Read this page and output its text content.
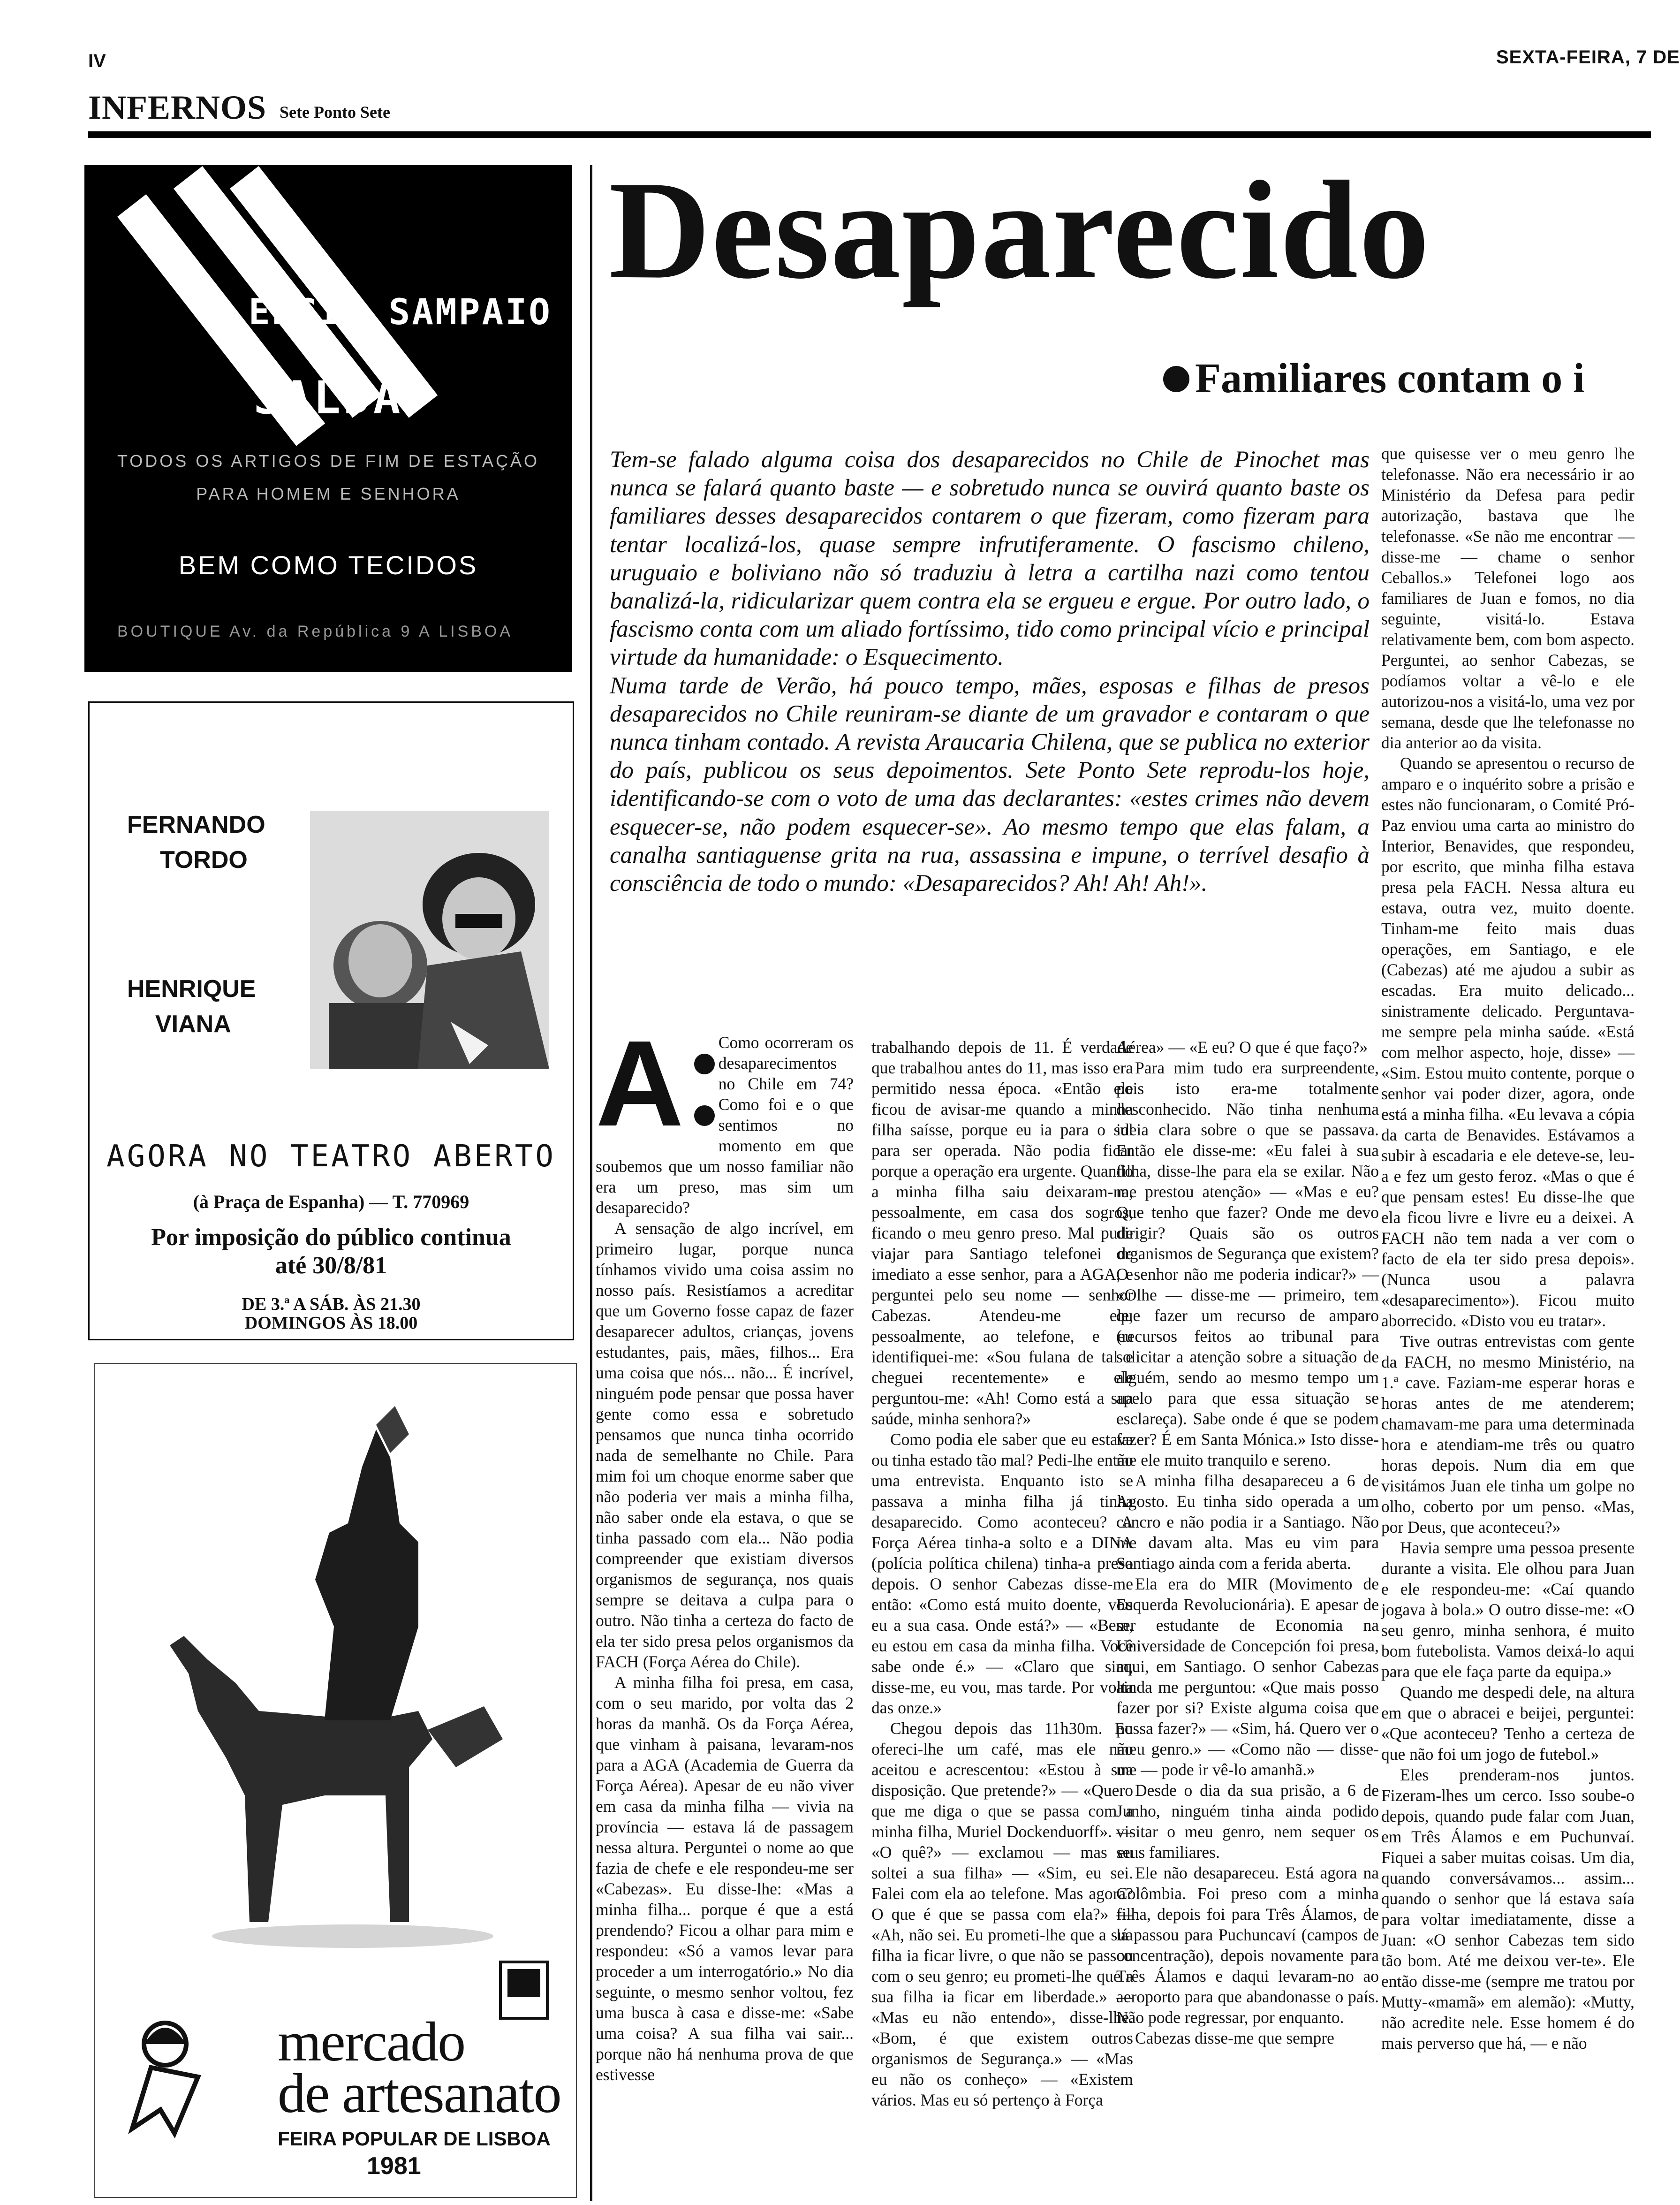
IV	SEXTA-FEIRA, 7 DE
INFERNOS Sete Ponto Sete
ERGIO SAMPAIO
SALDA
TODOS OS ARTIGOS DE FIM DE ESTAÇÃO
PARA HOMEM E SENHORA
BEM COMO TECIDOS
BOUTIQUE Av. da República 9 A LISBOA
FERNANDO
TORDO
HENRIQUE
VIANA
AGORA NO TEATRO ABERTO
(à Praça de Espanha) — T. 770969
Por imposição do público continua
até 30/8/81
DE 3.ª A SÁB. ÀS 21.30
DOMINGOS ÀS 18.00
mercado
de artesanato
FEIRA POPULAR DE LISBOA
1981
Desaparecido
Familiares contam o i

Tem-se falado alguma coisa dos desaparecidos no Chile de Pinochet mas nunca se falará quanto baste — e sobretudo nunca se ouvirá quanto baste os familiares desses desaparecidos contarem o que fizeram, como fizeram para tentar localizá-los, quase sempre infrutiferamente. O fascismo chileno, uruguaio e boliviano não só traduziu à letra a cartilha nazi como tentou banalizá-la, ridicularizar quem contra ela se ergueu e ergue. Por outro lado, o fascismo conta com um aliado fortíssimo, tido como principal vício e principal virtude da humanidade: o Esquecimento.

Numa tarde de Verão, há pouco tempo, mães, esposas e filhas de presos desaparecidos no Chile reuniram-se diante de um gravador e contaram o que nunca tinham contado. A revista Araucaria Chilena, que se publica no exterior do país, publicou os seus depoimentos. Sete Ponto Sete reprodu-los hoje, identificando-se com o voto de uma das declarantes: «estes crimes não devem esquecer-se, não podem esquecer-se». Ao mesmo tempo que elas falam, a canalha santiaguense grita na rua, assassina e impune, o terrível desafio à consciência de todo o mundo: «Desaparecidos? Ah! Ah! Ah!».

A	Como ocorreram os desaparecimentos no Chile em 74? Como foi e o que sentimos no momento em que soubemos que um nosso familiar não era um preso, mas sim um desaparecido?

A sensação de algo incrível, em primeiro lugar, porque nunca tínhamos vivido uma coisa assim no nosso país. Resistíamos a acreditar que um Governo fosse capaz de fazer desaparecer adultos, crianças, jovens estudantes, pais, mães, filhos... Era uma coisa que nós... não... É incrível, ninguém pode pensar que possa haver gente como essa e sobretudo pensamos que nunca tinha ocorrido nada de semelhante no Chile. Para mim foi um choque enorme saber que não poderia ver mais a minha filha, não saber onde ela estava, o que se tinha passado com ela... Não podia compreender que existiam diversos organismos de segurança, nos quais sempre se deitava a culpa para o outro. Não tinha a certeza do facto de ela ter sido presa pelos organismos da FACH (Força Aérea do Chile).

A minha filha foi presa, em casa, com o seu marido, por volta das 2 horas da manhã. Os da Força Aérea, que vinham à paisana, levaram-nos para a AGA (Academia de Guerra da Força Aérea). Apesar de eu não viver em casa da minha filha — vivia na província — estava lá de passagem nessa altura. Perguntei o nome ao que fazia de chefe e ele respondeu-me ser «Cabezas». Eu disse-lhe: «Mas a minha filha... porque é que a está prendendo? Ficou a olhar para mim e respondeu: «Só a vamos levar para proceder a um interrogatório.» No dia seguinte, o mesmo senhor voltou, fez uma busca à casa e disse-me: «Sabe uma coisa? A sua filha vai sair... porque não há nenhuma prova de que estivesse

trabalhando depois de 11. É verdade que trabalhou antes do 11, mas isso era permitido nessa época. «Então ele ficou de avisar-me quando a minha filha saísse, porque eu ia para o sul para ser operada. Não podia ficar porque a operação era urgente. Quando a minha filha saiu deixaram-na, pessoalmente, em casa dos sogros, ficando o meu genro preso. Mal pude viajar para Santiago telefonei de imediato a esse senhor, para a AGA, e perguntei pelo seu nome — senhor Cabezas. Atendeu-me ele, pessoalmente, ao telefone, e eu identifiquei-me: «Sou fulana de tal e cheguei recentemente» e ele perguntou-me: «Ah! Como está a sua saúde, minha senhora?»

Como podia ele saber que eu estava ou tinha estado tão mal? Pedi-lhe então uma entrevista. Enquanto isto se passava a minha filha já tinha desaparecido. Como aconteceu? A Força Aérea tinha-a solto e a DINA (polícia política chilena) tinha-a preso depois. O senhor Cabezas disse-me então: «Como está muito doente, vou eu a sua casa. Onde está?» — «Bem, eu estou em casa da minha filha. Você sabe onde é.» — «Claro que sim, disse-me, eu vou, mas tarde. Por volta das onze.»

Chegou depois das 11h30m. Eu ofereci-lhe um café, mas ele não aceitou e acrescentou: «Estou à sua disposição. Que pretende?» — «Quero que me diga o que se passa com a minha filha, Muriel Dockenduorff». — «O quê?» — exclamou — mas eu soltei a sua filha» — «Sim, eu sei. Falei com ela ao telefone. Mas agora? O que é que se passa com ela?» — «Ah, não sei. Eu prometi-lhe que a sua filha ia ficar livre, o que não se passou com o seu genro; eu prometi-lhe que a sua filha ia ficar em liberdade.» — «Mas eu não entendo», disse-lhe. «Bom, é que existem outros organismos de Segurança.» — «Mas eu não os conheço» — «Existem vários. Mas eu só pertenço à Força

Aérea» — «E eu? O que é que faço?»

Para mim tudo era surpreendente, pois isto era-me totalmente desconhecido. Não tinha nenhuma ideia clara sobre o que se passava. Então ele disse-me: «Eu falei à sua filha, disse-lhe para ela se exilar. Não me prestou atenção» — «Mas e eu? Que tenho que fazer? Onde me devo dirigir? Quais são os outros organismos de Segurança que existem? O senhor não me poderia indicar?» — «Olhe — disse-me — primeiro, tem que fazer um recurso de amparo (recursos feitos ao tribunal para solicitar a atenção sobre a situação de alguém, sendo ao mesmo tempo um apelo para que essa situação se esclareça). Sabe onde é que se podem fazer? É em Santa Mónica.» Isto disse-me ele muito tranquilo e sereno.

A minha filha desapareceu a 6 de Agosto. Eu tinha sido operada a um cancro e não podia ir a Santiago. Não me davam alta. Mas eu vim para Santiago ainda com a ferida aberta.

Ela era do MIR (Movimento de Esquerda Revolucionária). E apesar de ser estudante de Economia na Universidade de Concepción foi presa, aqui, em Santiago. O senhor Cabezas ainda me perguntou: «Que mais posso fazer por si? Existe alguma coisa que possa fazer?» — «Sim, há. Quero ver o meu genro.» — «Como não — disse-me — pode ir vê-lo amanhã.»

Desde o dia da sua prisão, a 6 de Junho, ninguém tinha ainda podido visitar o meu genro, nem sequer os seus familiares.

Ele não desapareceu. Está agora na Colômbia. Foi preso com a minha filha, depois foi para Três Álamos, de lá passou para Puchuncaví (campos de concentração), depois novamente para Três Álamos e daqui levaram-no ao aeroporto para que abandonasse o país. Não pode regressar, por enquanto.

Cabezas disse-me que sempre

que quisesse ver o meu genro lhe telefonasse. Não era necessário ir ao Ministério da Defesa para pedir autorização, bastava que lhe telefonasse. «Se não me encontrar — disse-me — chame o senhor Ceballos.» Telefonei logo aos familiares de Juan e fomos, no dia seguinte, visitá-lo. Estava relativamente bem, com bom aspecto. Perguntei, ao senhor Cabezas, se podíamos voltar a vê-lo e ele autorizou-nos a visitá-lo, uma vez por semana, desde que lhe telefonasse no dia anterior ao da visita.

Quando se apresentou o recurso de amparo e o inquérito sobre a prisão e estes não funcionaram, o Comité Pró-Paz enviou uma carta ao ministro do Interior, Benavides, que respondeu, por escrito, que minha filha estava presa pela FACH. Nessa altura eu estava, outra vez, muito doente. Tinham-me feito mais duas operações, em Santiago, e ele (Cabezas) até me ajudou a subir as escadas. Era muito delicado... sinistramente delicado. Perguntava-me sempre pela minha saúde. «Está com melhor aspecto, hoje, disse» — «Sim. Estou muito contente, porque o senhor vai poder dizer, agora, onde está a minha filha. «Eu levava a cópia da carta de Benavides. Estávamos a subir à escadaria e ele deteve-se, leu-a e fez um gesto feroz. «Mas o que é que pensam estes! Eu disse-lhe que ela ficou livre e livre eu a deixei. A FACH não tem nada a ver com o facto de ela ter sido presa depois». (Nunca usou a palavra «desaparecimento»). Ficou muito aborrecido. «Disto vou eu tratar».

Tive outras entrevistas com gente da FACH, no mesmo Ministério, na 1.ª cave. Faziam-me esperar horas e horas antes de me atenderem; chamavam-me para uma determinada hora e atendiam-me três ou quatro horas depois. Num dia em que visitámos Juan ele tinha um golpe no olho, coberto por um penso. «Mas, por Deus, que aconteceu?»

Havia sempre uma pessoa presente durante a visita. Ele olhou para Juan e ele respondeu-me: «Caí quando jogava à bola.» O outro disse-me: «O seu genro, minha senhora, é muito bom futebolista. Vamos deixá-lo aqui para que ele faça parte da equipa.»

Quando me despedi dele, na altura em que o abracei e beijei, perguntei: «Que aconteceu? Tenho a certeza de que não foi um jogo de futebol.»

Eles prenderam-nos juntos. Fizeram-lhes um cerco. Isso soube-o depois, quando pude falar com Juan, em Três Álamos e em Puchunvaí. Fiquei a saber muitas coisas. Um dia, quando conversávamos... assim... quando o senhor que lá estava saía para voltar imediatamente, disse a Juan: «O senhor Cabezas tem sido tão bom. Até me deixou ver-te». Ele então disse-me (sempre me tratou por Mutty-«mamã» em alemão): «Mutty, não acredite nele. Esse homem é do mais perverso que há, — e não
